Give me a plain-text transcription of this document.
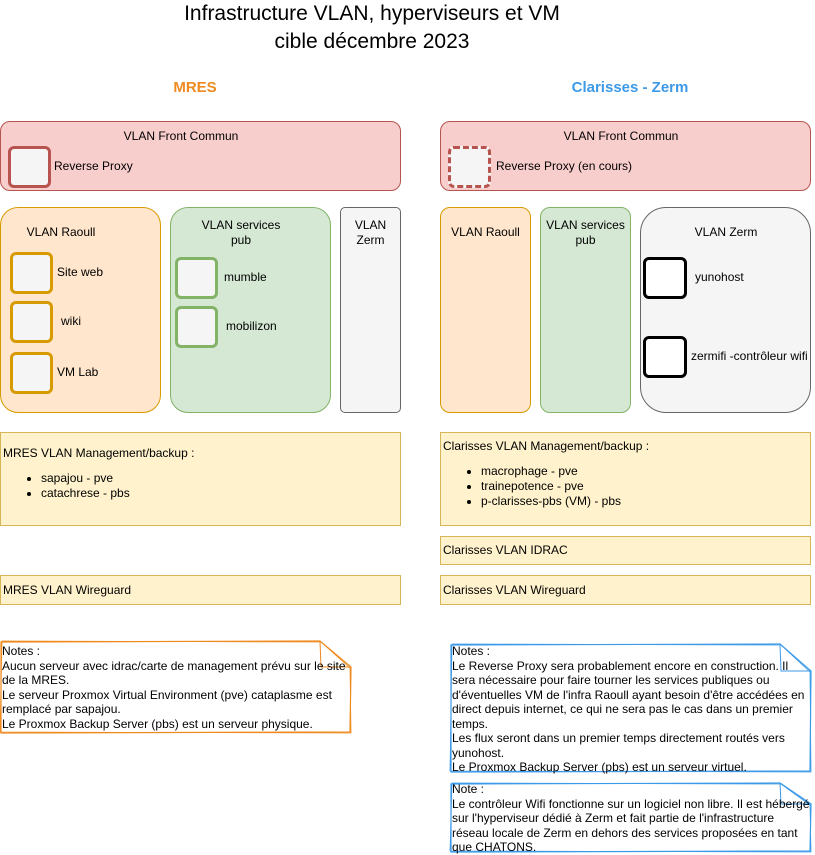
Infrastructure VLAN, hyperviseurs et VM
cible décembre 2023
MRES	Clarisses - Zerm
VLAN Front Commun
Reverse Proxy
VLAN Raoull
Site web
wiki
VM Lab
VLAN services
pub
mumble
mobilizon
VLAN
Zerm
MRES VLAN Management/backup :
• sapajou - pve
• catachrese - pbs
MRES VLAN Wireguard
Notes :
Aucun serveur avec idrac/carte de management prévu sur le site de la MRES.
Le serveur Proxmox Virtual Environment (pve) cataplasme est remplacé par sapajou.
Le Proxmox Backup Server (pbs) est un serveur physique.
VLAN Front Commun
Reverse Proxy (en cours)
VLAN Raoull	VLAN services
pub
VLAN Zerm
yunohost
zermifi -contrôleur wifi
Clarisses VLAN Management/backup :
• macrophage - pve
• trainepotence - pve
• p-clarisses-pbs (VM) - pbs
Clarisses VLAN IDRAC
Clarisses VLAN Wireguard
Notes :
Le Reverse Proxy sera probablement encore en construction. Il sera nécessaire pour faire tourner les services publiques ou d'éventuelles VM de l'infra Raoull ayant besoin d'être accédées en direct depuis internet, ce qui ne sera pas le cas dans un premier temps.
Les flux seront dans un premier temps directement routés vers yunohost.
Le Proxmox Backup Server (pbs) est un serveur virtuel.
Note :
Le contrôleur Wifi fonctionne sur un logiciel non libre. Il est hébergé sur l'hyperviseur dédié à Zerm et fait partie de l'infrastructure réseau locale de Zerm en dehors des services proposées en tant que CHATONS.
